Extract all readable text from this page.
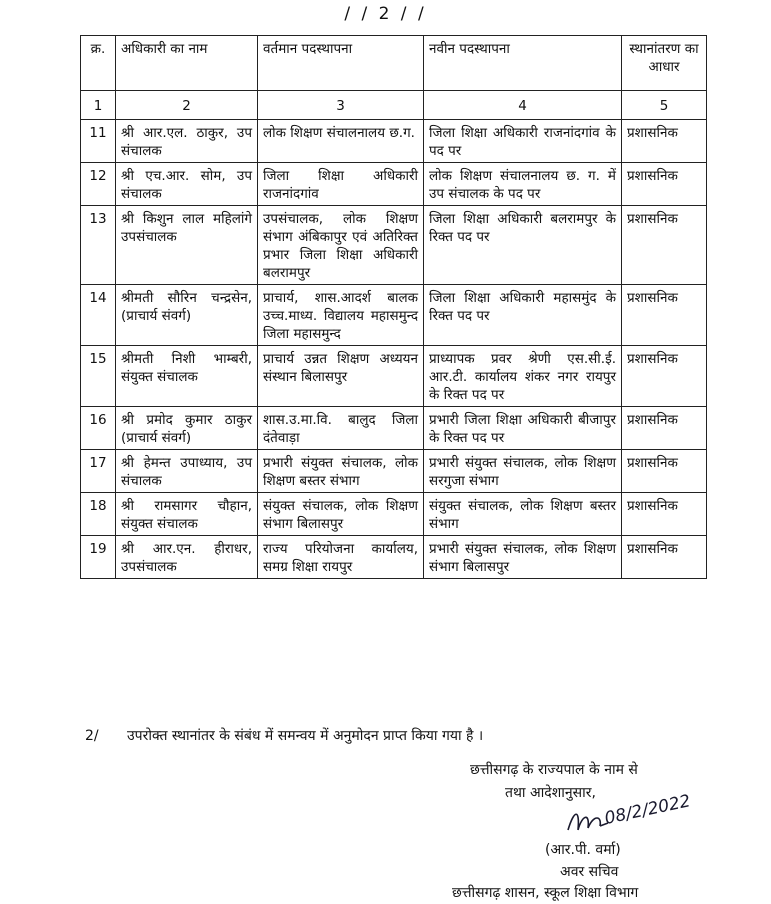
/ / 2 / /
क्र.	अधिकारी का नाम	वर्तमान पदस्थापना	नवीन पदस्थापना	स्थानांतरण का आधार
1	2	3	4	5
11	श्री आर.एल. ठाकुर, उप संचालक	लोक शिक्षण संचालनालय छ.ग.	जिला शिक्षा अधिकारी राजनांदगांव के पद पर	प्रशासनिक
12	श्री एच.आर. सोम, उप संचालक	जिला शिक्षा अधिकारी राजनांदगांव	लोक शिक्षण संचालनालय छ. ग. में उप संचालक के पद पर	प्रशासनिक
13	श्री किशुन लाल महिलांगे उपसंचालक	उपसंचालक, लोक शिक्षण संभाग अंबिकापुर एवं अतिरिक्त प्रभार जिला शिक्षा अधिकारी बलरामपुर	जिला शिक्षा अधिकारी बलरामपुर के रिक्त पद पर	प्रशासनिक
14	श्रीमती सौरिन चन्द्रसेन, (प्राचार्य संवर्ग)	प्राचार्य, शास.आदर्श बालक उच्च.माध्य. विद्यालय महासमुन्द जिला महासमुन्द	जिला शिक्षा अधिकारी महासमुंद के रिक्त पद पर	प्रशासनिक
15	श्रीमती निशी भाम्बरी, संयुक्त संचालक	प्राचार्य उन्नत शिक्षण अध्ययन संस्थान बिलासपुर	प्राध्यापक प्रवर श्रेणी एस.सी.ई. आर.टी. कार्यालय शंकर नगर रायपुर के रिक्त पद पर	प्रशासनिक
16	श्री प्रमोद कुमार ठाकुर (प्राचार्य संवर्ग)	शास.उ.मा.वि. बालुद जिला दंतेवाड़ा	प्रभारी जिला शिक्षा अधिकारी बीजापुर के रिक्त पद पर	प्रशासनिक
17	श्री हेमन्त उपाध्याय, उप संचालक	प्रभारी संयुक्त संचालक, लोक शिक्षण बस्तर संभाग	प्रभारी संयुक्त संचालक, लोक शिक्षण सरगुजा संभाग	प्रशासनिक
18	श्री रामसागर चौहान, संयुक्त संचालक	संयुक्त संचालक, लोक शिक्षण संभाग बिलासपुर	संयुक्त संचालक, लोक शिक्षण बस्तर संभाग	प्रशासनिक
19	श्री आर.एन. हीराधर, उपसंचालक	राज्य परियोजना कार्यालय, समग्र शिक्षा रायपुर	प्रभारी संयुक्त संचालक, लोक शिक्षण संभाग बिलासपुर	प्रशासनिक
2/ उपरोक्त स्थानांतर के संबंध में समन्वय में अनुमोदन प्राप्त किया गया है ।
छत्तीसगढ़ के राज्यपाल के नाम से
तथा आदेशानुसार, 08/2/2022
(आर.पी. वर्मा)
अवर सचिव
छत्तीसगढ़ शासन, स्कूल शिक्षा विभाग
